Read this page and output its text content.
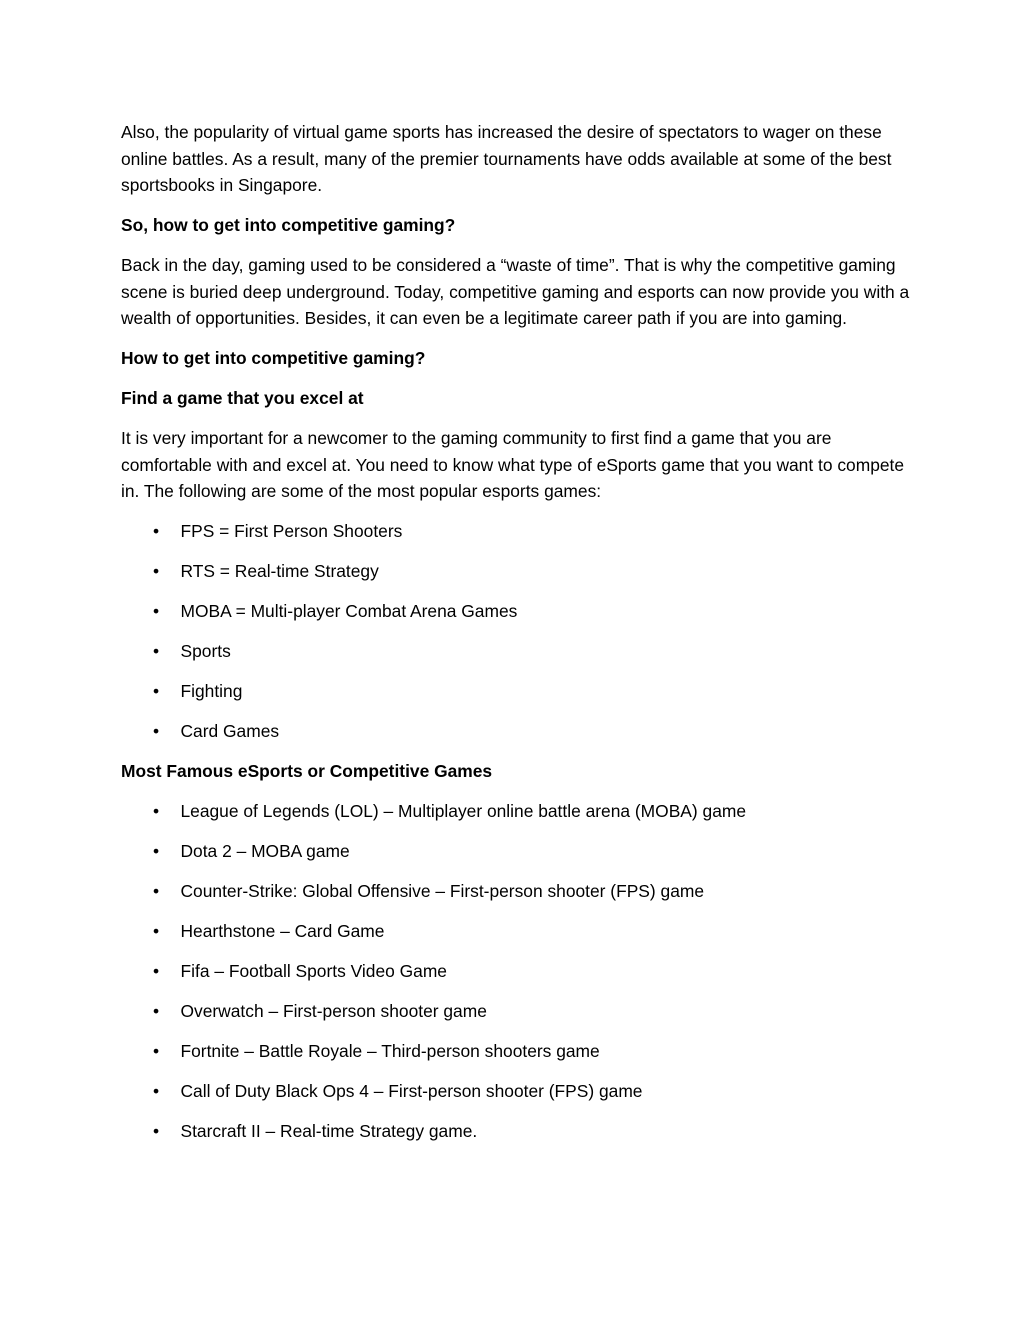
Also, the popularity of virtual game sports has increased the desire of spectators to wager on these online battles. As a result, many of the premier tournaments have odds available at some of the best sportsbooks in Singapore.

So, how to get into competitive gaming?

Back in the day, gaming used to be considered a “waste of time”. That is why the competitive gaming scene is buried deep underground. Today, competitive gaming and esports can now provide you with a wealth of opportunities. Besides, it can even be a legitimate career path if you are into gaming.

How to get into competitive gaming?

Find a game that you excel at

It is very important for a newcomer to the gaming community to first find a game that you are comfortable with and excel at. You need to know what type of eSports game that you want to compete in. The following are some of the most popular esports games:

• FPS = First Person Shooters
• RTS = Real-time Strategy
• MOBA = Multi-player Combat Arena Games
• Sports
• Fighting
• Card Games

Most Famous eSports or Competitive Games

• League of Legends (LOL) – Multiplayer online battle arena (MOBA) game
• Dota 2 – MOBA game
• Counter-Strike: Global Offensive – First-person shooter (FPS) game
• Hearthstone – Card Game
• Fifa – Football Sports Video Game
• Overwatch – First-person shooter game
• Fortnite – Battle Royale – Third-person shooters game
• Call of Duty Black Ops 4 – First-person shooter (FPS) game
• Starcraft II – Real-time Strategy game.
